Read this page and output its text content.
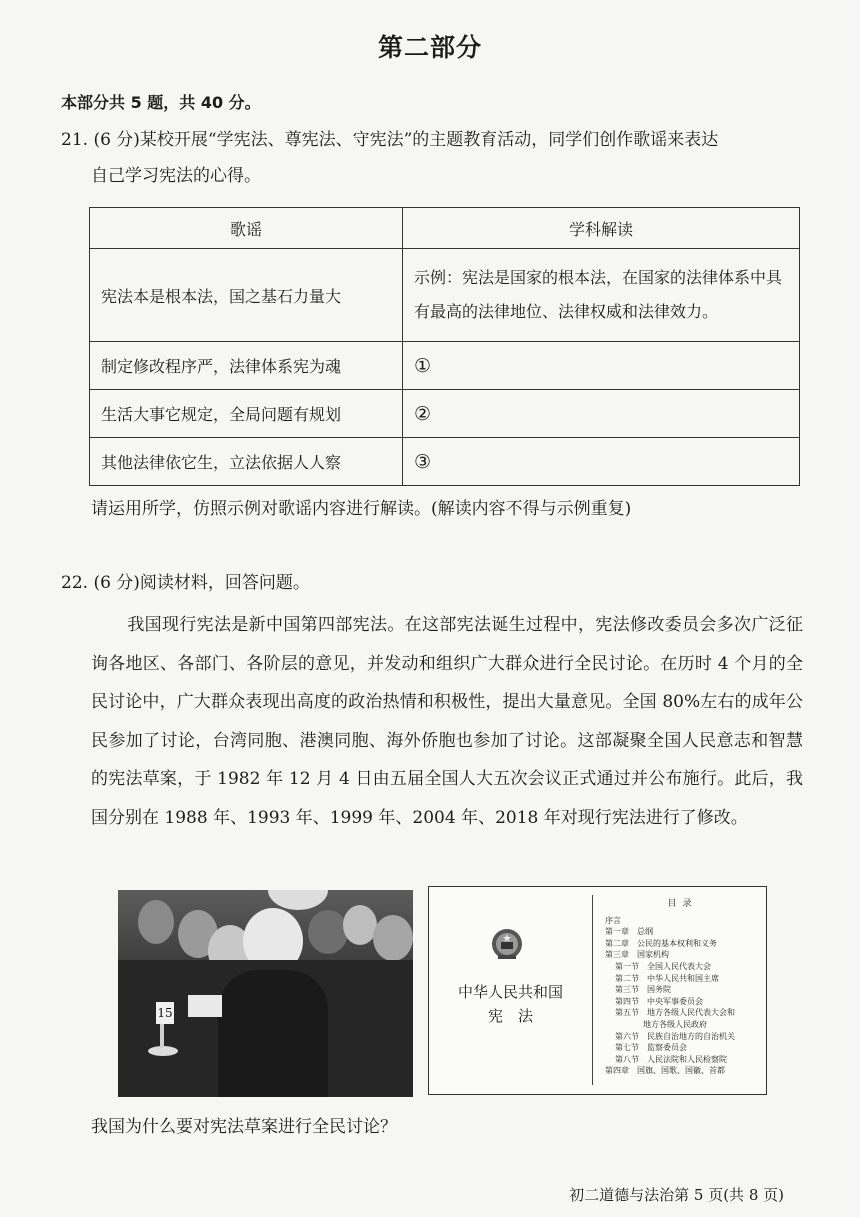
第二部分
本部分共 5 题，共 40 分。
21. (6 分)某校开展“学宪法、尊宪法、守宪法”的主题教育活动，同学们创作歌谣来表达
自己学习宪法的心得。
歌谣	学科解读
宪法本是根本法，国之基石力量大	示例：宪法是国家的根本法，在国家的法律体系中具有最高的法律地位、法律权威和法律效力。
制定修改程序严，法律体系宪为魂	①
生活大事它规定，全局问题有规划	②
其他法律依它生，立法依据人人察	③
请运用所学，仿照示例对歌谣内容进行解读。(解读内容不得与示例重复)
22. (6 分)阅读材料，回答问题。
我国现行宪法是新中国第四部宪法。在这部宪法诞生过程中，宪法修改委员会多次广泛征询各地区、各部门、各阶层的意见，并发动和组织广大群众进行全民讨论。在历时 4 个月的全民讨论中，广大群众表现出高度的政治热情和积极性，提出大量意见。全国 80%左右的成年公民参加了讨论，台湾同胞、港澳同胞、海外侨胞也参加了讨论。这部凝聚全国人民意志和智慧的宪法草案，于 1982 年 12 月 4 日由五届全国人大五次会议正式通过并公布施行。此后，我国分别在 1988 年、1993 年、1999 年、2004 年、2018 年对现行宪法进行了修改。
15
中华人民共和国
宪　法
目录
序言
第一章　总纲
第二章　公民的基本权利和义务
第三章　国家机构
第一节　全国人民代表大会
第二节　中华人民共和国主席
第三节　国务院
第四节　中央军事委员会
第五节　地方各级人民代表大会和
地方各级人民政府
第六节　民族自治地方的自治机关
第七节　监察委员会
第八节　人民法院和人民检察院
第四章　国旗、国歌、国徽、首都
我国为什么要对宪法草案进行全民讨论？
初二道德与法治第 5 页(共 8 页)
